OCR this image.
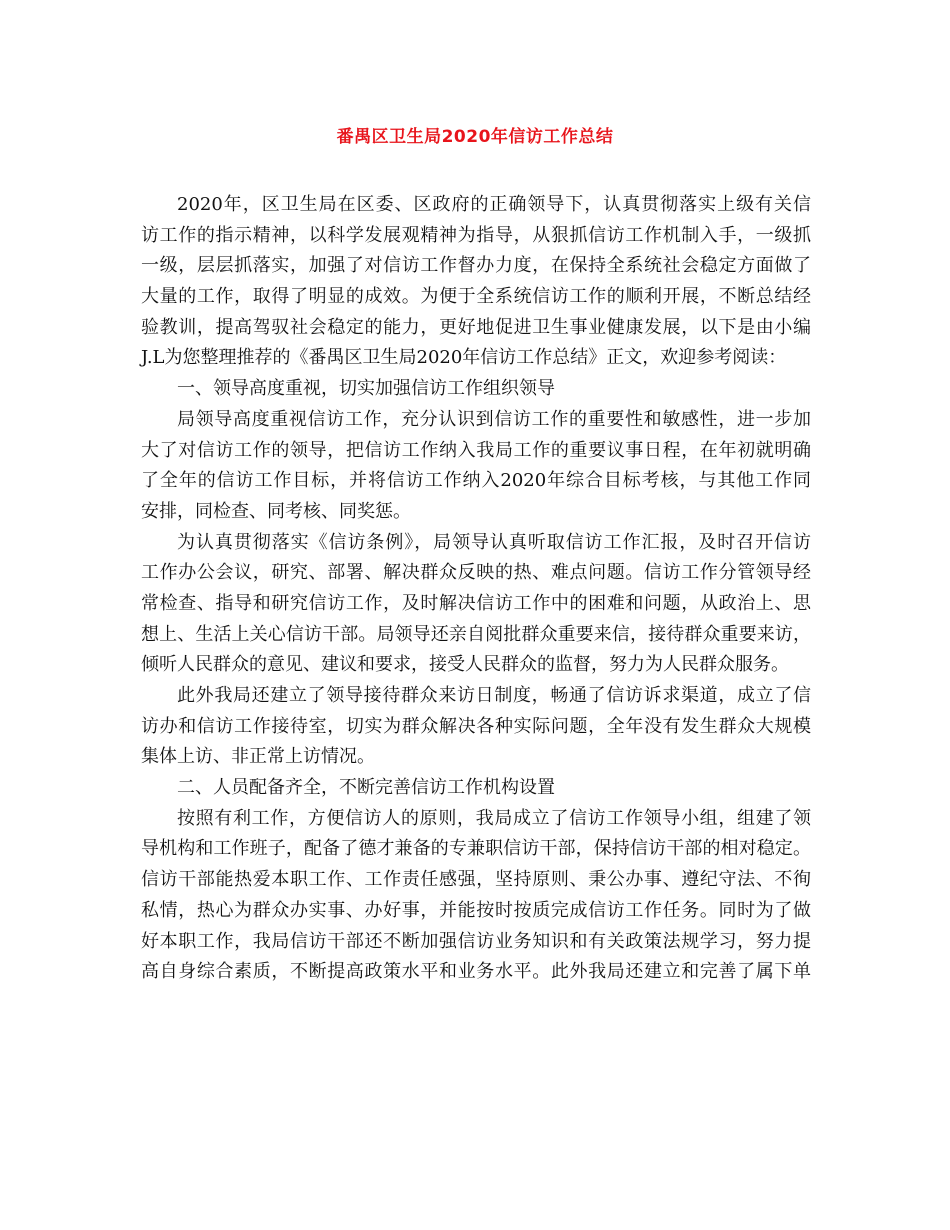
番禺区卫生局2020年信访工作总结
2020年，区卫生局在区委、区政府的正确领导下，认真贯彻落实上级有关信
访工作的指示精神，以科学发展观精神为指导，从狠抓信访工作机制入手，一级抓
一级，层层抓落实，加强了对信访工作督办力度，在保持全系统社会稳定方面做了
大量的工作，取得了明显的成效。为便于全系统信访工作的顺利开展，不断总结经
验教训，提高驾驭社会稳定的能力，更好地促进卫生事业健康发展，以下是由小编
J.L为您整理推荐的《番禺区卫生局2020年信访工作总结》正文，欢迎参考阅读：
一、领导高度重视，切实加强信访工作组织领导
局领导高度重视信访工作，充分认识到信访工作的重要性和敏感性，进一步加
大了对信访工作的领导，把信访工作纳入我局工作的重要议事日程，在年初就明确
了全年的信访工作目标，并将信访工作纳入2020年综合目标考核，与其他工作同
安排，同检查、同考核、同奖惩。
为认真贯彻落实《信访条例》，局领导认真听取信访工作汇报，及时召开信访
工作办公会议，研究、部署、解决群众反映的热、难点问题。信访工作分管领导经
常检查、指导和研究信访工作，及时解决信访工作中的困难和问题，从政治上、思
想上、生活上关心信访干部。局领导还亲自阅批群众重要来信，接待群众重要来访，
倾听人民群众的意见、建议和要求，接受人民群众的监督，努力为人民群众服务。
此外我局还建立了领导接待群众来访日制度，畅通了信访诉求渠道，成立了信
访办和信访工作接待室，切实为群众解决各种实际问题，全年没有发生群众大规模
集体上访、非正常上访情况。
二、人员配备齐全，不断完善信访工作机构设置
按照有利工作，方便信访人的原则，我局成立了信访工作领导小组，组建了领
导机构和工作班子，配备了德才兼备的专兼职信访干部，保持信访干部的相对稳定。
信访干部能热爱本职工作、工作责任感强，坚持原则、秉公办事、遵纪守法、不徇
私情，热心为群众办实事、办好事，并能按时按质完成信访工作任务。同时为了做
好本职工作，我局信访干部还不断加强信访业务知识和有关政策法规学习，努力提
高自身综合素质，不断提高政策水平和业务水平。此外我局还建立和完善了属下单
